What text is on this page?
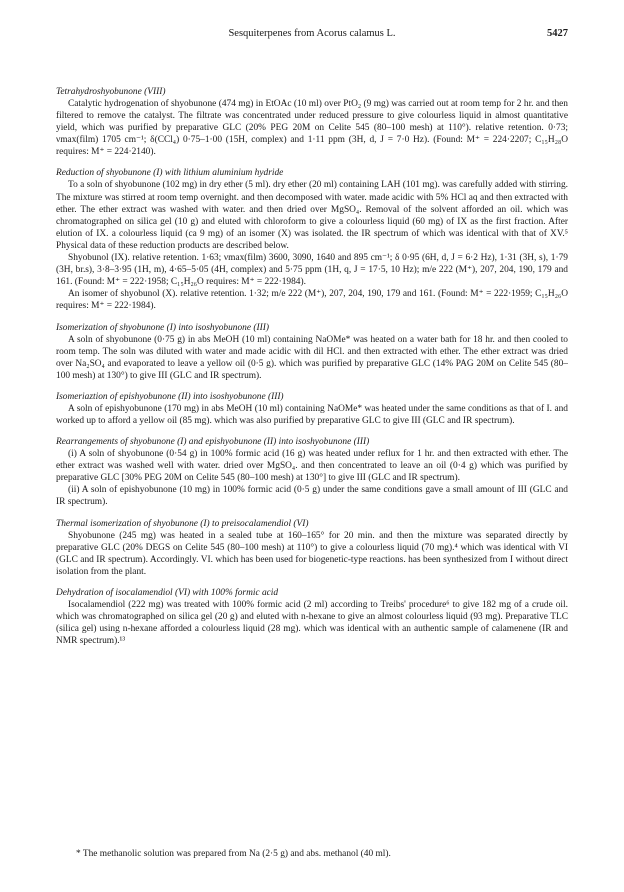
Sesquiterpenes from Acorus calamus L.	5427

Tetrahydroshyobunone (VIII)

Catalytic hydrogenation of shyobunone (474 mg) in EtOAc (10 ml) over PtO₂ (9 mg) was carried out at room temp for 2 hr. and then filtered to remove the catalyst. The filtrate was concentrated under reduced pressure to give colourless liquid in almost quantitative yield, which was purified by preparative GLC (20% PEG 20M on Celite 545 (80–100 mesh) at 110°). relative retention. 0·73; νmax(film) 1705 cm⁻¹; δ(CCl₄) 0·75–1·00 (15H, complex) and 1·11 ppm (3H, d, J = 7·0 Hz). (Found: M⁺ = 224·2207; C₁₅H₂₈O requires: M⁺ = 224·2140).

Reduction of shyobunone (I) with lithium aluminium hydride

To a soln of shyobunone (102 mg) in dry ether (5 ml). dry ether (20 ml) containing LAH (101 mg). was carefully added with stirring. The mixture was stirred at room temp overnight. and then decomposed with water. made acidic with 5% HCl aq and then extracted with ether. The ether extract was washed with water. and then dried over MgSO₄. Removal of the solvent afforded an oil. which was chromatographed on silica gel (10 g) and eluted with chloroform to give a colourless liquid (60 mg) of IX as the first fraction. After elution of IX. a colourless liquid (ca 9 mg) of an isomer (X) was isolated. the IR spectrum of which was identical with that of XV.⁵ Physical data of these reduction products are described below.

Shyobunol (IX). relative retention. 1·63; νmax(film) 3600, 3090, 1640 and 895 cm⁻¹; δ 0·95 (6H, d, J = 6·2 Hz), 1·31 (3H, s), 1·79 (3H, br.s), 3·8–3·95 (1H, m), 4·65–5·05 (4H, complex) and 5·75 ppm (1H, q, J = 17·5, 10 Hz); m/e 222 (M⁺), 207, 204, 190, 179 and 161. (Found: M⁺ = 222·1958; C₁₅H₂₆O requires: M⁺ = 222·1984).

An isomer of shyobunol (X). relative retention. 1·32; m/e 222 (M⁺), 207, 204, 190, 179 and 161. (Found: M⁺ = 222·1959; C₁₅H₂₆O requires: M⁺ = 222·1984).

Isomerization of shyobunone (I) into isoshyobunone (III)

A soln of shyobunone (0·75 g) in abs MeOH (10 ml) containing NaOMe* was heated on a water bath for 18 hr. and then cooled to room temp. The soln was diluted with water and made acidic with dil HCl. and then extracted with ether. The ether extract was dried over Na₂SO₄ and evaporated to leave a yellow oil (0·5 g). which was purified by preparative GLC (14% PAG 20M on Celite 545 (80–100 mesh) at 130°) to give III (GLC and IR spectrum).

Isomeriaztion of epishyobunone (II) into isoshyobunone (III)

A soln of epishyobunone (170 mg) in abs MeOH (10 ml) containing NaOMe* was heated under the same conditions as that of I. and worked up to afford a yellow oil (85 mg). which was also purified by preparative GLC to give III (GLC and IR spectrum).

Rearrangements of shyobunone (I) and epishyobunone (II) into isoshyobunone (III)

(i) A soln of shyobunone (0·54 g) in 100% formic acid (16 g) was heated under reflux for 1 hr. and then extracted with ether. The ether extract was washed well with water. dried over MgSO₄. and then concentrated to leave an oil (0·4 g) which was purified by preparative GLC [30% PEG 20M on Celite 545 (80–100 mesh) at 130°] to give III (GLC and IR spectrum).

(ii) A soln of epishyobunone (10 mg) in 100% formic acid (0·5 g) under the same conditions gave a small amount of III (GLC and IR spectrum).

Thermal isomerization of shyobunone (I) to preisocalamendiol (VI)

Shyobunone (245 mg) was heated in a sealed tube at 160–165° for 20 min. and then the mixture was separated directly by preparative GLC (20% DEGS on Celite 545 (80–100 mesh) at 110°) to give a colourless liquid (70 mg).⁴ which was identical with VI (GLC and IR spectrum). Accordingly. VI. which has been used for biogenetic-type reactions. has been synthesized from I without direct isolation from the plant.

Dehydration of isocalamendiol (VI) with 100% formic acid

Isocalamendiol (222 mg) was treated with 100% formic acid (2 ml) according to Treibs' procedure⁶ to give 182 mg of a crude oil. which was chromatographed on silica gel (20 g) and eluted with n-hexane to give an almost colourless liquid (93 mg). Preparative TLC (silica gel) using n-hexane afforded a colourless liquid (28 mg). which was identical with an authentic sample of calamenene (IR and NMR spectrum).¹³

* The methanolic solution was prepared from Na (2·5 g) and abs. methanol (40 ml).
